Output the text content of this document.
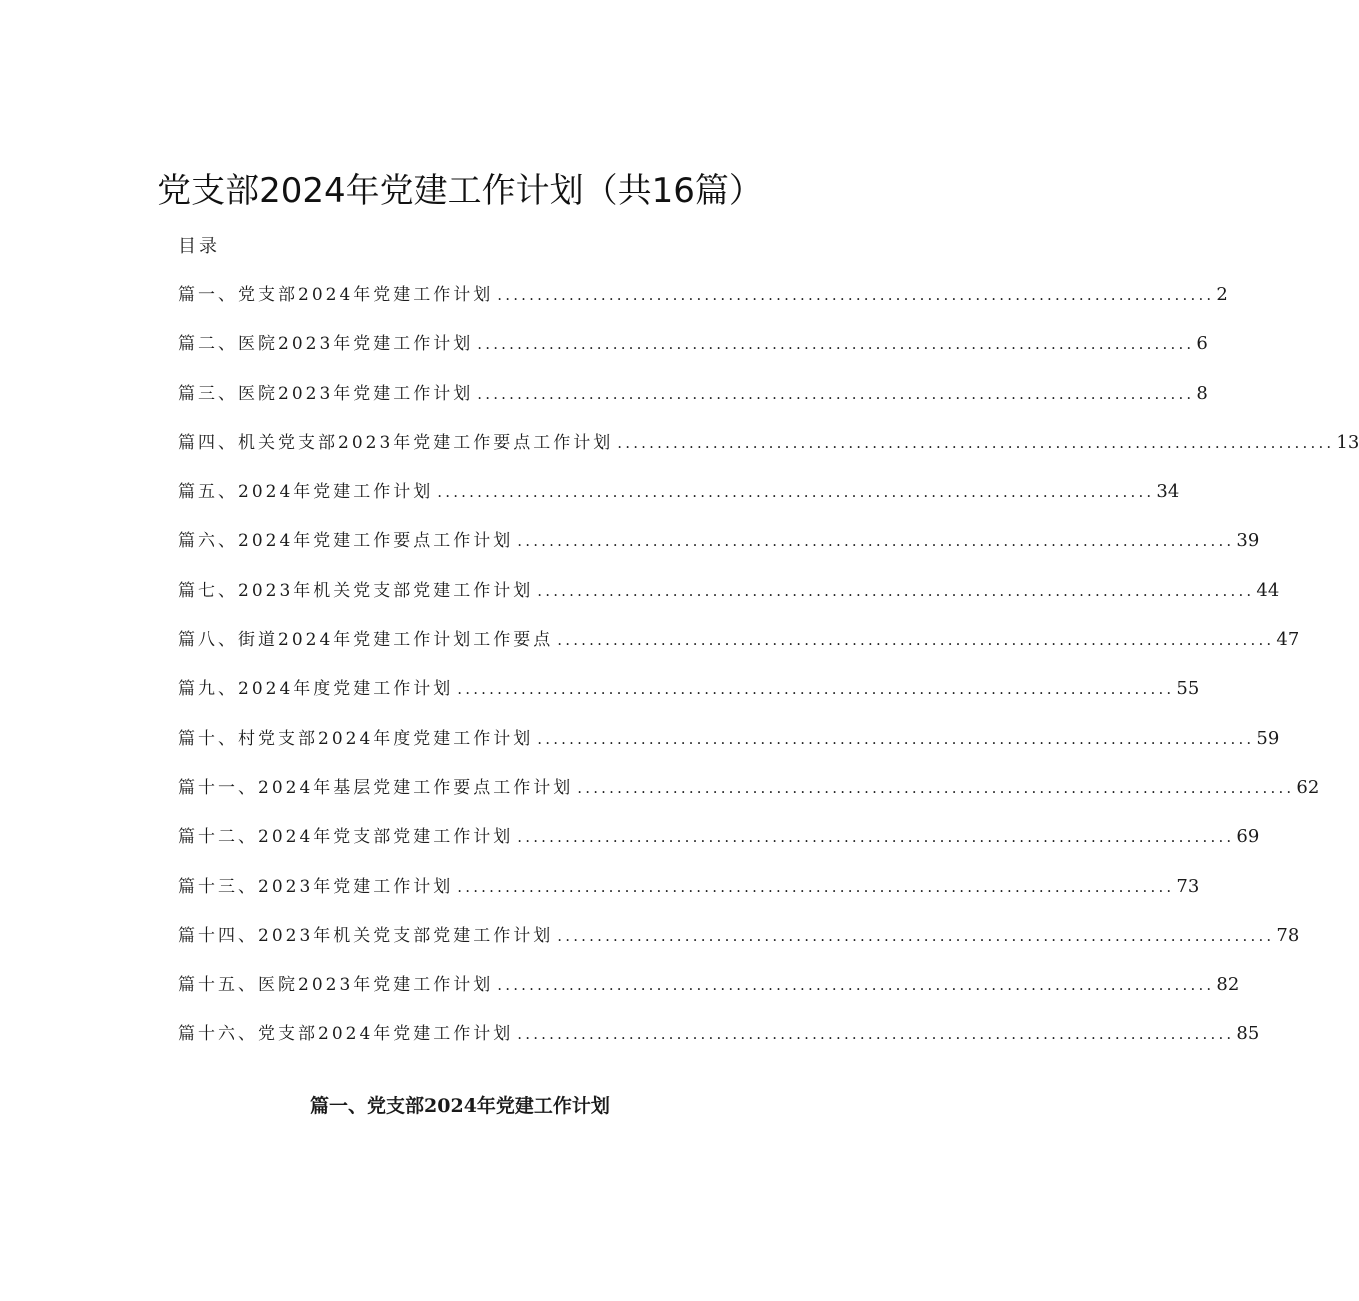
党支部2024年党建工作计划（共16篇）
目录
篇一、党支部2024年党建工作计划 .......................................................................................... 2
篇二、医院2023年党建工作计划 .......................................................................................... 6
篇三、医院2023年党建工作计划 .......................................................................................... 8
篇四、机关党支部2023年党建工作要点工作计划 .......................................................................................... 13
篇五、2024年党建工作计划 .......................................................................................... 34
篇六、2024年党建工作要点工作计划 .......................................................................................... 39
篇七、2023年机关党支部党建工作计划 .......................................................................................... 44
篇八、街道2024年党建工作计划工作要点 .......................................................................................... 47
篇九、2024年度党建工作计划 .......................................................................................... 55
篇十、村党支部2024年度党建工作计划 .......................................................................................... 59
篇十一、2024年基层党建工作要点工作计划 .......................................................................................... 62
篇十二、2024年党支部党建工作计划 .......................................................................................... 69
篇十三、2023年党建工作计划 .......................................................................................... 73
篇十四、2023年机关党支部党建工作计划 .......................................................................................... 78
篇十五、医院2023年党建工作计划 .......................................................................................... 82
篇十六、党支部2024年党建工作计划 .......................................................................................... 85
篇一、党支部2024年党建工作计划
